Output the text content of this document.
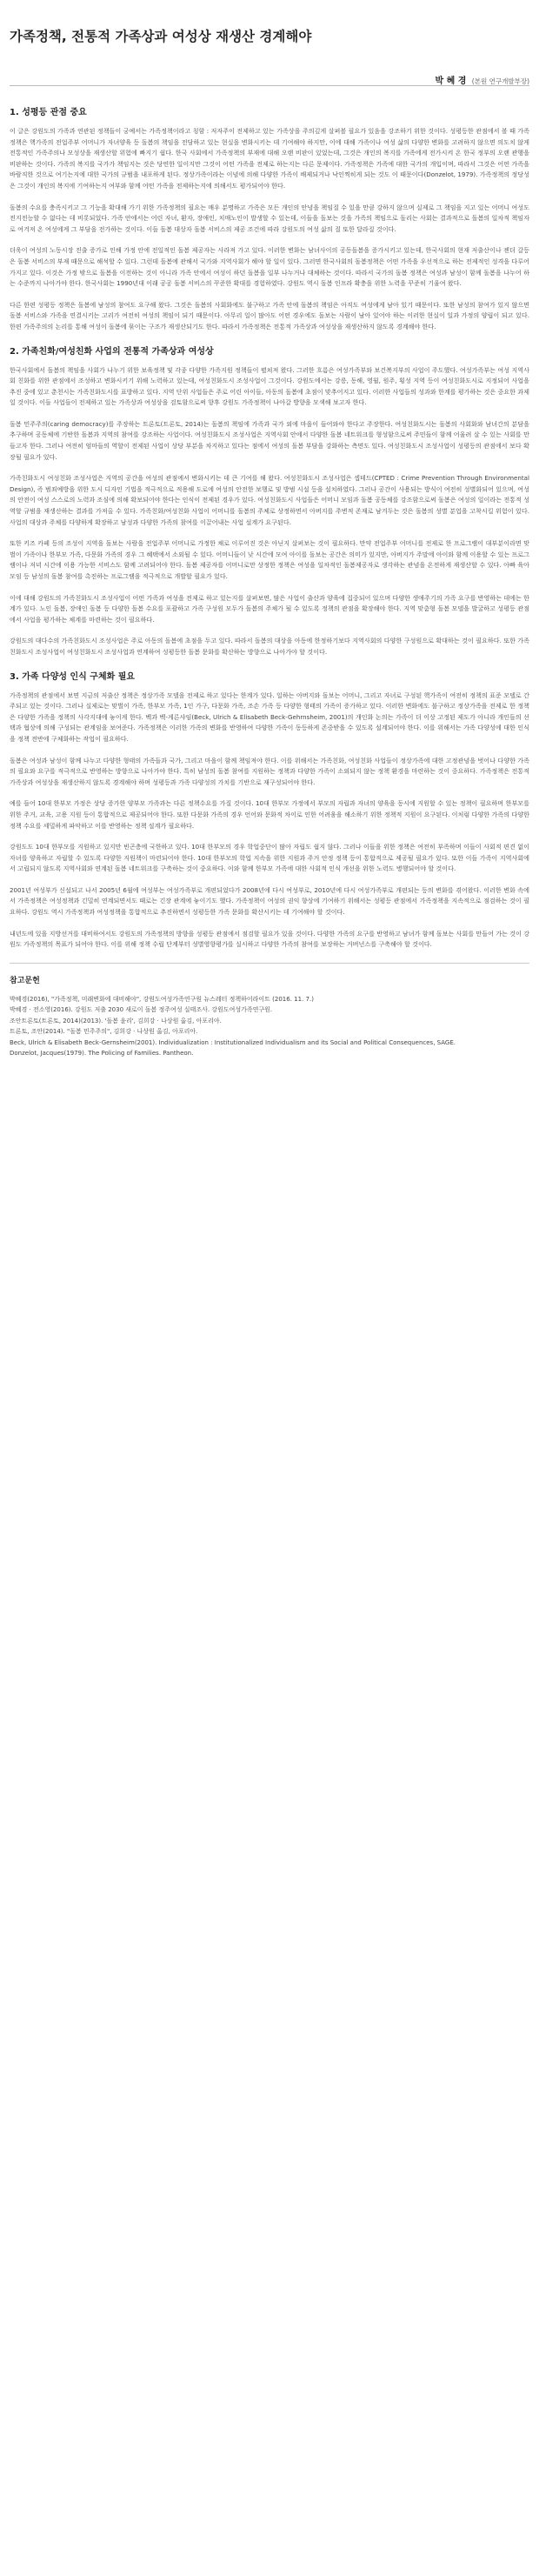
가족정책, 전통적 가족상과 여성상 재생산 경계해야
박 혜 경 (본원 연구개발부장)
1. 성평등 관점 중요

이 글은 강원도의 가족과 연관된 정책들이 궁예서는 가족정책이라고 칭함 : 저자주이 전제하고 있는 가족상을 주의깊게 살펴볼 필요가 있음을 강조하기 위한 것이다. 성평등한 관점에서 볼 때 가족정책은 핵가족의 전업주부 어머니가 자녀양육 등 돌봄의 책임을 전담하고 있는 현실을 변화시키는 데 기여해야 하지만, 이에 대해 가족이나 여성 삶의 다양한 변화를 고려하지 않으면 의도치 않게 전통적인 가족주의나 모성상을 재생산할 위험에 빠지기 쉽다. 한국 사회에서 가족정책의 부재에 대해 오랜 비판이 있었는데, 그것은 개인의 복지를 가족에게 전가시켜 온 한국 정부의 오랜 관행을 비판하는 것이다. 가족의 복지를 국가가 책임지는 것은 당연한 일이지만 그것이 어떤 가족을 전제로 하는지는 다른 문제이다. 가족정책은 가족에 대한 국가의 개입이며, 따라서 그것은 어떤 가족을 바람직한 것으로 여기는지에 대한 국가의 규범을 내포하게 된다. 정상가족이라는 이념에 의해 다양한 가족이 배제되거나 낙인찍히게 되는 것도 이 때문이다(Donzelot, 1979). 가족정책의 정당성은 그것이 개인의 복지에 기여하는지 여부와 함께 어떤 가족을 전제하는지에 의해서도 평가되어야 한다.

돌봄의 수요를 충족시키고 그 기능을 확대해 가기 위한 가족정책의 필요는 매우 분명하고 가족은 모든 개인의 안녕을 책임질 수 있을 만큼 강하지 않으며 실제로 그 책임을 지고 있는 어머니 여성도 전지전능할 수 없다는 데 비롯되었다. 가족 안에서는 어린 자녀, 환자, 장애인, 치매노인이 발생할 수 있는데, 이들을 돌보는 것을 가족의 책임으로 돌리는 사회는 결과적으로 돌봄의 일차적 책임자로 여겨져 온 여성에게 그 부담을 전가하는 것이다. 이들 돌봄 대상자 돌봄 서비스의 제공 조건에 따라 강원도의 여성 삶의 질 또한 달라질 것이다.

더욱이 여성의 노동시장 진출 증가로 인해 가정 안에 전일적인 돌봄 제공자는 사라져 가고 있다. 이러한 변화는 남녀사이의 공동돌봄을 증가시키고 있는데, 한국사회의 현재 저출산이나 젠더 갈등은 돌봄 서비스의 부재 때문으로 해석할 수 있다. 그런데 돌봄에 관해서 국가와 지역사회가 해야 할 일이 있다. 그러면 한국사회의 돌봄정책은 어떤 가족을 우선적으로 하는 전제적인 성격을 다루어 가지고 있다. 이것은 가정 밖으로 돌봄을 이전하는 것이 아니라 가족 안에서 여성이 하던 돌봄을 일부 나누거나 대체하는 것이다. 따라서 국가의 돌봄 정책은 여성과 남성이 함께 돌봄을 나누어 하는 수준까지 나아가야 한다. 한국사회는 1990년대 이래 공공 돌봄 서비스의 꾸준한 확대를 경험하였다. 강원도 역시 돌봄 인프라 확충을 위한 노력을 꾸준히 기울여 왔다.

다른 한편 성평등 정책은 돌봄에 남성의 참여도 요구해 왔다. 그것은 돌봄의 사회화에도 불구하고 가족 안에 돌봄의 책임은 아직도 여성에게 남아 있기 때문이다. 또한 남성의 참여가 있지 않으면 돌봄 서비스와 가족을 연결시키는 고리가 여전히 여성의 책임이 되기 때문이다. 아무리 일이 많아도 어떤 경우에도 돌보는 사람이 남아 있어야 하는 이러한 현실이 일과 가정의 양립이 되고 있다. 한편 가족주의의 논리를 통해 여성이 돌봄에 묶이는 구조가 재생산되기도 한다. 따라서 가족정책은 전통적 가족상과 여성상을 재생산하지 않도록 경계해야 한다.

2. 가족친화/여성친화 사업의 전통적 가족상과 여성상

한국사회에서 돌봄의 책임을 사회가 나누기 위한 보육정책 및 각종 다양한 가족지원 정책들이 펼쳐져 왔다. 그러한 흐름은 여성가족부와 보건복지부의 사업이 주도했다. 여성가족부는 여성 지역사회 친화를 위한 관점에서 조성하고 변화시키기 위해 노력하고 있는데, 여성친화도시 조성사업이 그것이다. 강원도에서는 강릉, 동해, 영월, 원주, 횡성 지역 등이 여성친화도시로 지정되어 사업을 추진 중에 있고 춘천시는 가족친화도시를 표방하고 있다. 지역 단위 사업들은 주로 어린 아이들, 아동의 돌봄에 초점이 맞추어지고 있다. 이러한 사업들의 성과와 한계를 평가하는 것은 중요한 과제일 것이다. 이들 사업들이 전제하고 있는 가족상과 여성상을 검토함으로써 향후 강원도 가족정책이 나아갈 방향을 모색해 보고자 한다.

돌봄 민주주의(caring democracy)를 주장하는 트론토(트론토, 2014)는 돌봄의 책임에 가족과 국가 외에 마을이 들어와야 한다고 주장한다. 여성친화도시는 돌봄의 사회화와 남녀간의 분담을 추구하며 공동체에 기반한 돌봄과 지역의 참여를 강조하는 사업이다. 여성친화도시 조성사업은 지역사회 안에서 다양한 돌봄 네트워크를 형성함으로써 주민들이 함께 어울려 살 수 있는 사회를 만들고자 한다. 그러나 여전히 엄마들의 역할이 전제된 사업이 상당 부분을 차지하고 있다는 점에서 여성의 돌봄 부담을 강화하는 측면도 있다. 여성친화도시 조성사업이 성평등의 관점에서 보다 확장될 필요가 있다.

가족친화도시 여성친화 조성사업은 지역의 공간을 여성의 관점에서 변화시키는 데 큰 기여를 해 왔다. 여성친화도시 조성사업은 셉테드(CPTED : Crime Prevention Through Environmental Design), 즉 범죄예방을 위한 도시 디자인 기법을 적극적으로 적용해 도로에 여성의 안전한 보행로 및 방범 시설 등을 설치하였다. 그러나 공간이 사용되는 방식이 여전히 성별화되어 있으며, 여성의 안전이 여성 스스로의 노력과 조심에 의해 확보되어야 한다는 인식이 전제된 경우가 있다. 여성친화도시 사업들은 어머니 모임과 돌봄 공동체를 강조함으로써 돌봄은 여성의 일이라는 전통적 성역할 규범을 재생산하는 결과를 가져올 수 있다. 가족친화/여성친화 사업이 어머니를 돌봄의 주체로 상정하면서 아버지를 주변적 존재로 남겨두는 것은 돌봄의 성별 분업을 고착시킬 위험이 있다. 사업의 대상과 주체를 다양하게 확장하고 남성과 다양한 가족의 참여를 이끌어내는 사업 설계가 요구된다.

또한 키즈 카페 등의 조성이 지역을 돌보는 사람을 전업주부 어머니로 가정한 채로 이루어진 것은 아닌지 살펴보는 것이 필요하다. 만약 전업주부 어머니를 전제로 한 프로그램이 대부분이라면 맞벌이 가족이나 한부모 가족, 다문화 가족의 경우 그 혜택에서 소외될 수 있다. 어머니들이 낮 시간에 모여 아이를 돌보는 공간은 의미가 있지만, 아버지가 주말에 아이와 함께 이용할 수 있는 프로그램이나 저녁 시간에 이용 가능한 서비스도 함께 고려되어야 한다. 돌봄 제공자를 어머니로만 상정한 정책은 여성을 일차적인 돌봄제공자로 생각하는 관념을 온전하게 재생산할 수 있다. 아빠 육아 모임 등 남성의 돌봄 참여를 촉진하는 프로그램을 적극적으로 개발할 필요가 있다.

이에 대해 강원도의 가족친화도시 조성사업이 어떤 가족과 여성을 전제로 하고 있는지를 살펴보면, 많은 사업이 출산과 양육에 집중되어 있으며 다양한 생애주기의 가족 요구를 반영하는 데에는 한계가 있다. 노인 돌봄, 장애인 돌봄 등 다양한 돌봄 수요를 포괄하고 가족 구성원 모두가 돌봄의 주체가 될 수 있도록 정책의 관점을 확장해야 한다. 지역 맞춤형 돌봄 모델을 발굴하고 성평등 관점에서 사업을 평가하는 체계를 마련하는 것이 필요하다.

강원도의 대다수의 가족친화도시 조성사업은 주로 아동의 돌봄에 초점을 두고 있다. 따라서 돌봄의 대상을 아동에 한정하기보다 지역사회의 다양한 구성원으로 확대하는 것이 필요하다. 또한 가족친화도시 조성사업이 여성친화도시 조성사업과 연계하여 성평등한 돌봄 문화를 확산하는 방향으로 나아가야 할 것이다.

3. 가족 다양성 인식 구체화 필요

가족정책의 관점에서 보면 지금의 저출산 정책은 정상가족 모델을 전제로 하고 있다는 한계가 있다. 일하는 아버지와 돌보는 어머니, 그리고 자녀로 구성된 핵가족이 여전히 정책의 표준 모델로 간주되고 있는 것이다. 그러나 실제로는 맞벌이 가족, 한부모 가족, 1인 가구, 다문화 가족, 조손 가족 등 다양한 형태의 가족이 증가하고 있다. 이러한 변화에도 불구하고 정상가족을 전제로 한 정책은 다양한 가족을 정책의 사각지대에 놓이게 한다. 벡과 벡-게른샤임(Beck, Ulrich & Elisabeth Beck-Gehrnsheim, 2001)의 개인화 논의는 가족이 더 이상 고정된 제도가 아니라 개인들의 선택과 협상에 의해 구성되는 관계임을 보여준다. 가족정책은 이러한 가족의 변화를 반영하여 다양한 가족이 동등하게 존중받을 수 있도록 설계되어야 한다. 이를 위해서는 가족 다양성에 대한 인식을 정책 전반에 구체화하는 작업이 필요하다.

돌봄은 여성과 남성이 함께 나누고 다양한 형태의 가족들과 국가, 그리고 마을이 함께 책임져야 한다. 이를 위해서는 가족친화, 여성친화 사업들이 정상가족에 대한 고정관념을 벗어나 다양한 가족의 필요와 요구를 적극적으로 반영하는 방향으로 나아가야 한다. 특히 남성의 돌봄 참여를 지원하는 정책과 다양한 가족이 소외되지 않는 정책 환경을 마련하는 것이 중요하다. 가족정책은 전통적 가족상과 여성상을 재생산하지 않도록 경계해야 하며 성평등과 가족 다양성의 가치를 기반으로 재구성되어야 한다.

예를 들어 10대 한부모 가정은 상당 증가한 양부모 가족과는 다른 정책수요를 가질 것이다. 10대 한부모 가정에서 부모의 자립과 자녀의 양육을 동시에 지원할 수 있는 정책이 필요하며 한부모를 위한 주거, 교육, 고용 지원 등이 통합적으로 제공되어야 한다. 또한 다문화 가족의 경우 언어와 문화적 차이로 인한 어려움을 해소하기 위한 정책적 지원이 요구된다. 이처럼 다양한 가족의 다양한 정책 수요를 세밀하게 파악하고 이를 반영하는 정책 설계가 필요하다.

강원도도 10대 한부모를 지원하고 있지만 빈곤층에 국한하고 있다. 10대 한부모의 경우 학업중단이 많아 자립도 쉽지 않다. 그러나 이들을 위한 정책은 여전히 부족하며 이들이 사회적 편견 없이 자녀를 양육하고 자립할 수 있도록 다양한 지원책이 마련되어야 한다. 10대 한부모의 학업 지속을 위한 지원과 주거 안정 정책 등이 통합적으로 제공될 필요가 있다. 또한 이들 가족이 지역사회에서 고립되지 않도록 지역사회와 연계된 돌봄 네트워크를 구축하는 것이 중요하다. 이와 함께 한부모 가족에 대한 사회적 인식 개선을 위한 노력도 병행되어야 할 것이다.

2001년 여성부가 신설되고 나서 2005년 6월에 여성부는 여성가족부로 개편되었다가 2008년에 다시 여성부로, 2010년에 다시 여성가족부로 개편되는 등의 변화를 겪어왔다. 이러한 변화 속에서 가족정책은 여성정책과 긴밀히 연계되면서도 때로는 긴장 관계에 놓이기도 했다. 가족정책이 여성의 권익 향상에 기여하기 위해서는 성평등 관점에서 가족정책을 지속적으로 점검하는 것이 필요하다. 강원도 역시 가족정책과 여성정책을 통합적으로 추진하면서 성평등한 가족 문화를 확산시키는 데 기여해야 할 것이다.

내년도에 있을 지방선거를 대비하여서도 강원도의 가족정책의 방향을 성평등 관점에서 점검할 필요가 있을 것이다. 다양한 가족의 요구를 반영하고 남녀가 함께 돌보는 사회를 만들어 가는 것이 강원도 가족정책의 목표가 되어야 한다. 이를 위해 정책 수립 단계부터 성별영향평가를 실시하고 다양한 가족의 참여를 보장하는 거버넌스를 구축해야 할 것이다.

참고문헌

박혜경(2016), "가족정책, 미래변화에 대비해야", 강원도여성가족연구원 뉴스레터 정책하이라이트 (2016. 11. 7.)

박혜경 · 전소영(2016). 강원도 저출 2030 새로이 돌봄 정주여성 실태조사. 강원도여성가족연구원.

조안트론토(트론토, 2014)(2013). '돌봄 윤리', 김희강 · 나상원 옮김, 아포리아.

트론토, 조안(2014). "돌봄 민주주의", 김희강 · 나상원 옮김, 아포리아.

Beck, Ulrich & Elisabeth Beck-Gernsheim(2001). Individualization : Institutionalized Individualism and its Social and Political Consequences, SAGE.

Donzelot, Jacques(1979). The Policing of Families. Pantheon.
